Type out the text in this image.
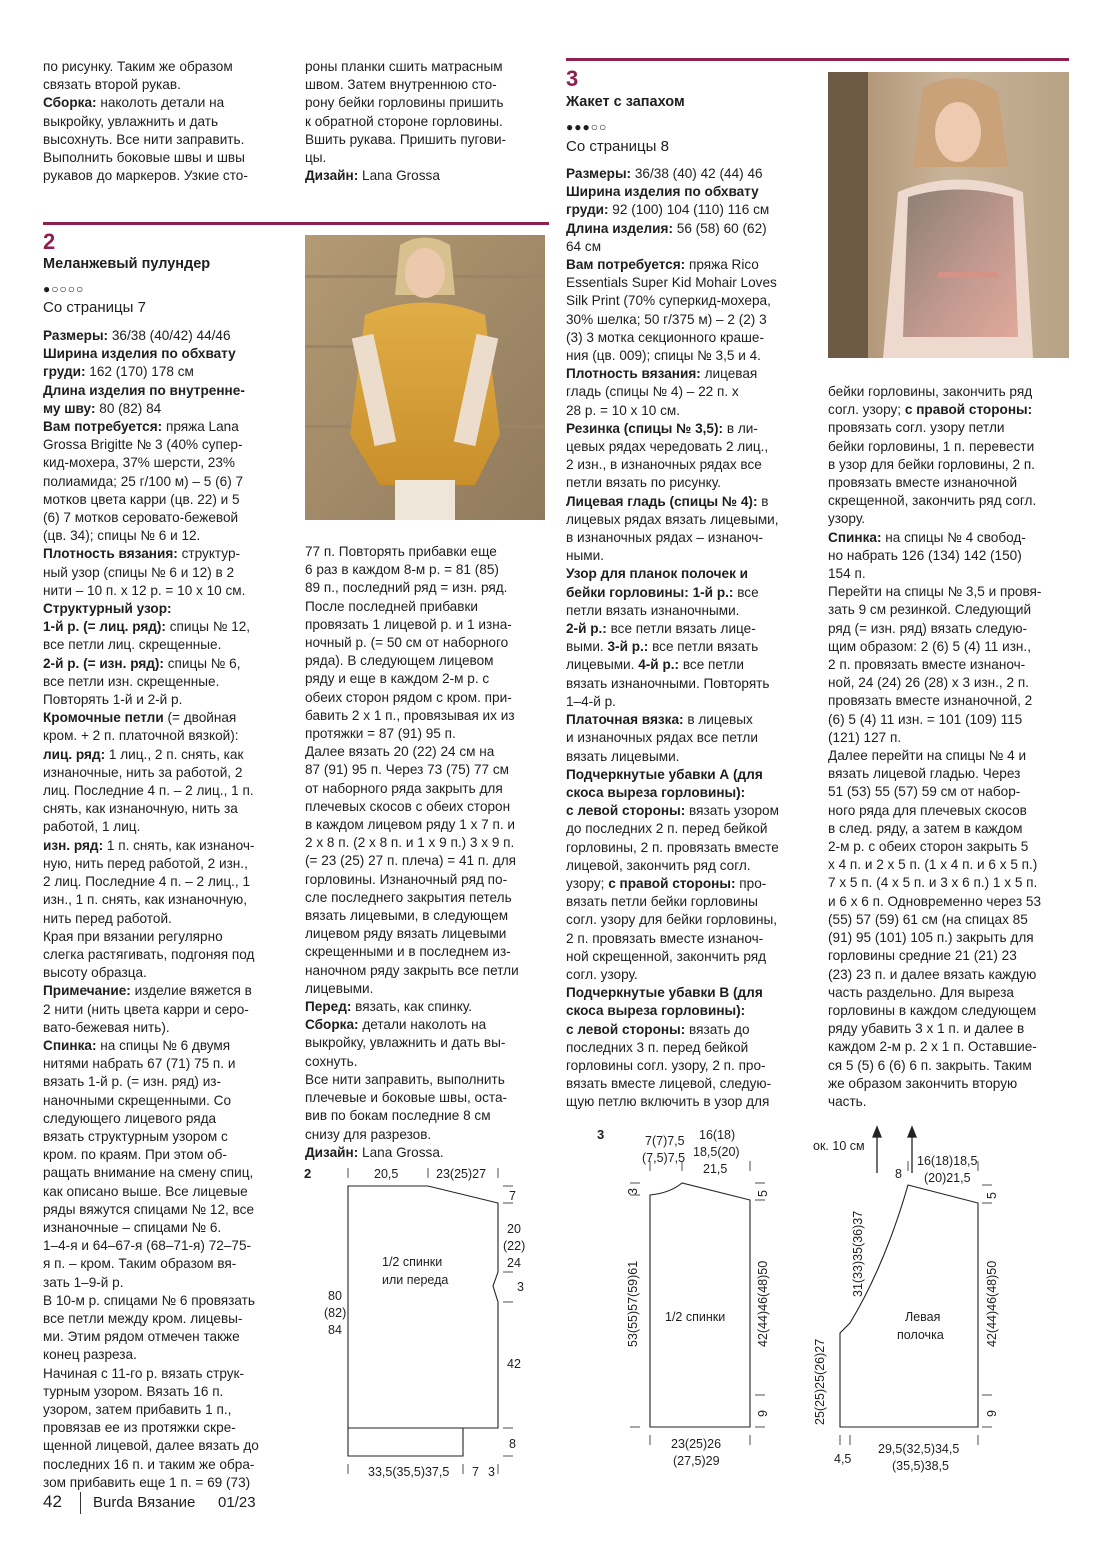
по рисунку. Таким же образом

связать второй рукав.

Сборка: наколоть детали на

выкройку, увлажнить и дать

высохнуть. Все нити заправить.

Выполнить боковые швы и швы

рукавов до маркеров. Узкие сто-

роны планки сшить матрасным

швом. Затем внутреннюю сто-

рону бейки горловины пришить

к обратной стороне горловины.

Вшить рукава. Пришить пугови-

цы.

Дизайн: Lana Grossa

2
Меланжевый пулундер
●○○○○
Со страницы 7
3
Жакет с запахом
●●●○○
Со страницы 8

Размеры: 36/38 (40/42) 44/46

Ширина изделия по обхвату

груди: 162 (170) 178 см

Длина изделия по внутренне-

му шву: 80 (82) 84

Вам потребуется: пряжа Lana

Grossa Brigitte № 3 (40% супер-

кид-мохера, 37% шерсти, 23%

полиамида; 25 г/100 м) – 5 (6) 7

мотков цвета карри (цв. 22) и 5

(6) 7 мотков серовато-бежевой

(цв. 34); спицы № 6 и 12.

Плотность вязания: структур-

ный узор (спицы № 6 и 12) в 2

нити – 10 п. x 12 р. = 10 x 10 см.

Структурный узор:

1-й р. (= лиц. ряд): спицы № 12,

все петли лиц. скрещенные.

2-й р. (= изн. ряд): спицы № 6,

все петли изн. скрещенные.

Повторять 1-й и 2-й р.

Кромочные петли (= двойная

кром. + 2 п. платочной вязкой):

лиц. ряд: 1 лиц., 2 п. снять, как

изнаночные, нить за работой, 2

лиц. Последние 4 п. – 2 лиц., 1 п.

снять, как изнаночную, нить за

работой, 1 лиц.

изн. ряд: 1 п. снять, как изнаноч-

ную, нить перед работой, 2 изн.,

2 лиц. Последние 4 п. – 2 лиц., 1

изн., 1 п. снять, как изнаночную,

нить перед работой.

Края при вязании регулярно

слегка растягивать, подгоняя под

высоту образца.

Примечание: изделие вяжется в

2 нити (нить цвета карри и серо-

вато-бежевая нить).

Спинка: на спицы № 6 двумя

нитями набрать 67 (71) 75 п. и

вязать 1-й р. (= изн. ряд) из-

наночными скрещенными. Со

следующего лицевого ряда

вязать структурным узором с

кром. по краям. При этом об-

ращать внимание на смену спиц,

как описано выше. Все лицевые

ряды вяжутся спицами № 12, все

изнаночные – спицами № 6.

1–4-я и 64–67-я (68–71-я) 72–75-

я п. – кром. Таким образом вя-

зать 1–9-й р.

В 10-м р. спицами № 6 провязать

все петли между кром. лицевы-

ми. Этим рядом отмечен также

конец разреза.

Начиная с 11-го р. вязать струк-

турным узором. Вязать 16 п.

узором, затем прибавить 1 п.,

провязав ее из протяжки скре-

щенной лицевой, далее вязать до

последних 16 п. и таким же обра-

зом прибавить еще 1 п. = 69 (73)

77 п. Повторять прибавки еще

6 раз в каждом 8-м р. = 81 (85)

89 п., последний ряд = изн. ряд.

После последней прибавки

провязать 1 лицевой р. и 1 изна-

ночный р. (= 50 см от наборного

ряда). В следующем лицевом

ряду и еще в каждом 2-м р. с

обеих сторон рядом с кром. при-

бавить 2 x 1 п., провязывая их из

протяжки = 87 (91) 95 п.

Далее вязать 20 (22) 24 см на

87 (91) 95 п. Через 73 (75) 77 см

от наборного ряда закрыть для

плечевых скосов с обеих сторон

в каждом лицевом ряду 1 x 7 п. и

2 x 8 п. (2 x 8 п. и 1 x 9 п.) 3 x 9 п.

(= 23 (25) 27 п. плеча) = 41 п. для

горловины. Изнаночный ряд по-

сле последнего закрытия петель

вязать лицевыми, в следующем

лицевом ряду вязать лицевыми

скрещенными и в последнем из-

наночном ряду закрыть все петли

лицевыми.

Перед: вязать, как спинку.

Сборка: детали наколоть на

выкройку, увлажнить и дать вы-

сохнуть.

Все нити заправить, выполнить

плечевые и боковые швы, оста-

вив по бокам последние 8 см

снизу для разрезов.

Дизайн: Lana Grossa.

Размеры: 36/38 (40) 42 (44) 46

Ширина изделия по обхвату

груди: 92 (100) 104 (110) 116 см

Длина изделия: 56 (58) 60 (62)

64 см

Вам потребуется: пряжа Rico

Essentials Super Kid Mohair Loves

Silk Print (70% суперкид-мохера,

30% шелка; 50 г/375 м) – 2 (2) 3

(3) 3 мотка секционного краше-

ния (цв. 009); спицы № 3,5 и 4.

Плотность вязания: лицевая

гладь (спицы № 4) – 22 п. x

28 р. = 10 x 10 см.

Резинка (спицы № 3,5): в ли-

цевых рядах чередовать 2 лиц.,

2 изн., в изнаночных рядах все

петли вязать по рисунку.

Лицевая гладь (спицы № 4): в

лицевых рядах вязать лицевыми,

в изнаночных рядах – изнаноч-

ными.

Узор для планок полочек и

бейки горловины: 1-й р.: все

петли вязать изнаночными.

2-й р.: все петли вязать лице-

выми. 3-й р.: все петли вязать

лицевыми. 4-й р.: все петли

вязать изнаночными. Повторять

1–4-й р.

Платочная вязка: в лицевых

и изнаночных рядах все петли

вязать лицевыми.

Подчеркнутые убавки А (для

скоса выреза горловины):

с левой стороны: вязать узором

до последних 2 п. перед бейкой

горловины, 2 п. провязать вместе

лицевой, закончить ряд согл.

узору; с правой стороны: про-

вязать петли бейки горловины

согл. узору для бейки горловины,

2 п. провязать вместе изнаноч-

ной скрещенной, закончить ряд

согл. узору.

Подчеркнутые убавки В (для

скоса выреза горловины):

с левой стороны: вязать до

последних 3 п. перед бейкой

горловины согл. узору, 2 п. про-

вязать вместе лицевой, следую-

щую петлю включить в узор для

бейки горловины, закончить ряд

согл. узору; с правой стороны:

провязать согл. узору петли

бейки горловины, 1 п. перевести

в узор для бейки горловины, 2 п.

провязать вместе изнаночной

скрещенной, закончить ряд согл.

узору.

Спинка: на спицы № 4 свобод-

но набрать 126 (134) 142 (150)

154 п.

Перейти на спицы № 3,5 и провя-

зать 9 см резинкой. Следующий

ряд (= изн. ряд) вязать следую-

щим образом: 2 (6) 5 (4) 11 изн.,

2 п. провязать вместе изнаноч-

ной, 24 (24) 26 (28) x 3 изн., 2 п.

провязать вместе изнаночной, 2

(6) 5 (4) 11 изн. = 101 (109) 115

(121) 127 п.

Далее перейти на спицы № 4 и

вязать лицевой гладью. Через

51 (53) 55 (57) 59 см от набор-

ного ряда для плечевых скосов

в след. ряду, а затем в каждом

2-м р. с обеих сторон закрыть 5

x 4 п. и 2 x 5 п. (1 x 4 п. и 6 x 5 п.)

7 x 5 п. (4 x 5 п. и 3 x 6 п.) 1 x 5 п.

и 6 x 6 п. Одновременно через 53

(55) 57 (59) 61 см (на спицах 85

(91) 95 (101) 105 п.) закрыть для

горловины средние 21 (21) 23

(23) 23 п. и далее вязать каждую

часть раздельно. Для выреза

горловины в каждом следующем

ряду убавить 3 x 1 п. и далее в

каждом 2-м р. 2 x 1 п. Оставшие-

ся 5 (5) 6 (6) 6 п. закрыть. Таким

же образом закончить вторую

часть.

2	20,5	23(25)27
7
20
(22)
24
3
42
8
80
(82)
84
1/2 спинки
или переда
33,5(35,5)37,5 7 3
3	7(7)7,5
(7,5)7,5
16(18)
18,5(20)
21,5
3	5
42(44)46(48)50
9
53(55)57(59)61 1/2 спинки
23(25)26
(27,5)29
ок. 10 см
8
16(18)18,5
(20)21,5
5
42(44)46(48)50
9
31(33)35(36)37
25(25)25(26)27
Левая
полочка
29,5(32,5)34,5
(35,5)38,5
4,5
42 Burda Вязание 01/23
